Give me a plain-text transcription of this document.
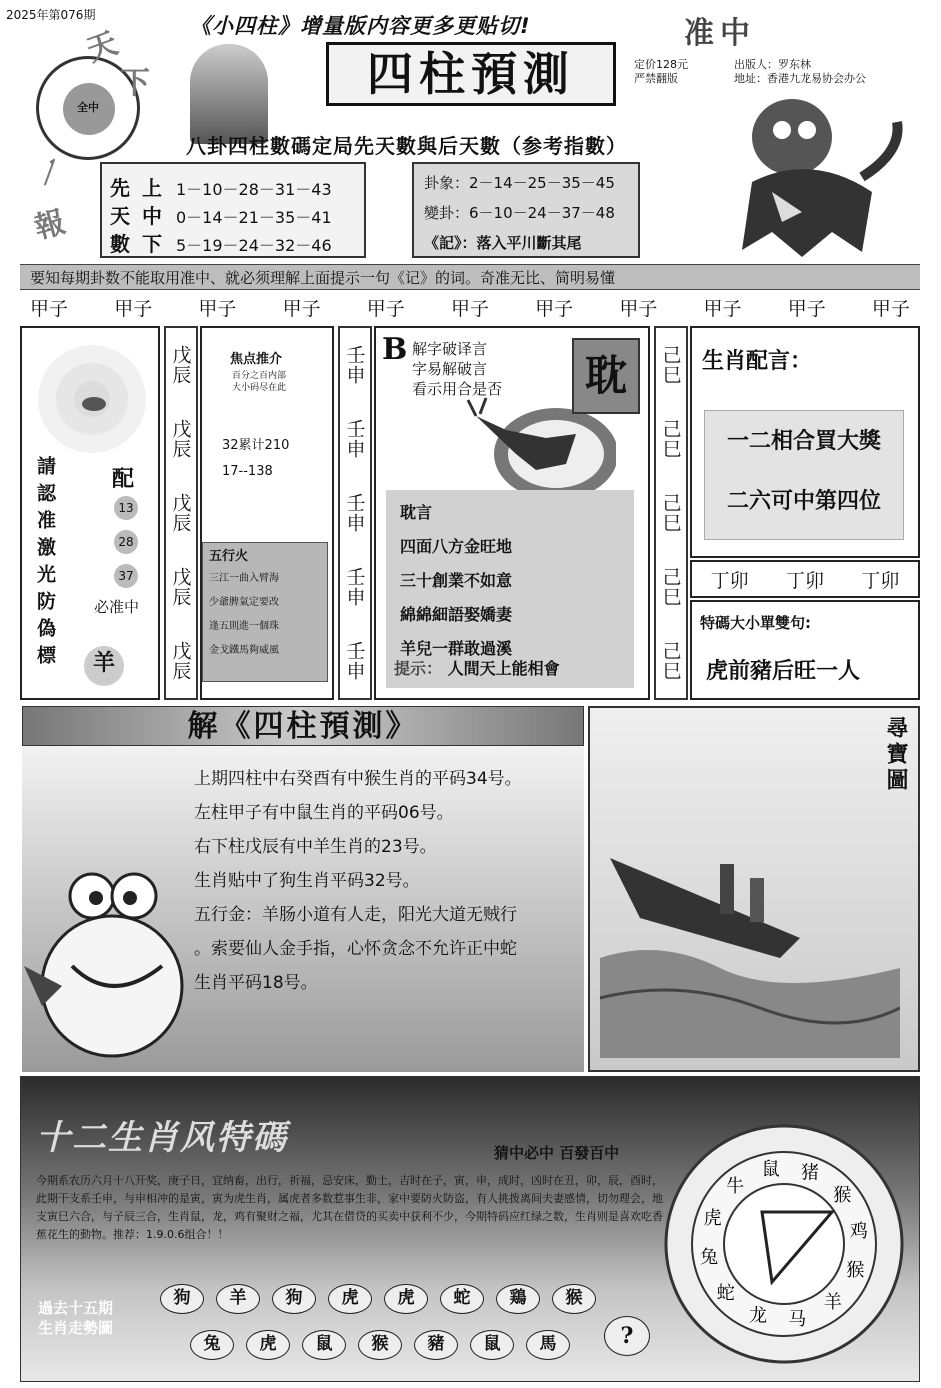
2025年第076期	《小四柱》增量版内容更多更贴切!	准中
四柱預測	定价128元
严禁翻版
出版人：罗东林
地址：香港九龙易协会办公
全中
天
下
一
報
八卦四柱數碼定局先天數與后天數（参考指數）
先上 1－10－28－31－43
天中 0－14－21－35－41
數下 5－19－24－32－46
卦象：2－14－25－35－45
變卦：6－10－24－37－48
《記》：落入平川斷其尾
要知每期卦数不能取用准中、就必须理解上面提示一句《记》的词。奇准无比、简明易懂
甲子 甲子 甲子 甲子 甲子 甲子 甲子 甲子 甲子 甲子 甲子
請認准激光防偽標	配
13
28
37
必准中
羊
戊辰
戊辰
戊辰
戊辰
戊辰
焦点推介
百分之百内部
大小码尽在此
32累计210
17--138
五行火
三江一曲入臂海
少爺脾氣定要改
逢五則進一個珠
金戈鐵馬夠威風
壬申
壬申
壬申
壬申
壬申
B 解字破译言
字易解破言
看示用合是否	耽
耽言
四面八方金旺地
三十創業不如意
綿綿細語娶嬌妻
羊兒一群敢過溪
提示： 人間天上能相會
己巳
己巳
己巳
己巳
己巳
生肖配言：
一二相合買大獎
二六可中第四位
丁卯 丁卯 丁卯
特碼大小單雙句:
虎前豬后旺一人
解《四柱預測》
上期四柱中右癸酉有中猴生肖的平码34号。
左柱甲子有中鼠生肖的平码06号。
右下柱戊辰有中羊生肖的23号。
生肖贴中了狗生肖平码32号。
五行金：羊肠小道有人走，阳光大道无贼行
。索要仙人金手指，心怀贪念不允许正中蛇
生肖平码18号。
尋寶圖
十二生肖风特碼	猜中必中 百發百中
今期系农历六月十八开奖，庚子日，宜纳畜，出行，祈福，忌安床，勤土，吉时在子，寅，申，成时，凶时在丑，卯，辰，酉时，此期干支系壬申，与申相冲的是寅，寅为虎生肖，属虎者多数惹事生非，家中要防火防盗，有人挑拨离间夫妻感情，切勿理会，地支寅巳六合，与子辰三合，生肖鼠，龙，鸡有聚财之福，尤其在借贷的买卖中获利不少，今期特码应红绿之数，生肖则是喜欢吃香蕉花生的動物。推荐：1.9.0.6组合！！
過去十五期
生肖走勢圖
狗	羊	狗	虎	虎	蛇	鶏	猴
兔	虎	鼠	猴	豬	鼠	馬	?
鼠 猪
猴
鸡
猴
羊
马
龙
蛇
兔
虎
牛
